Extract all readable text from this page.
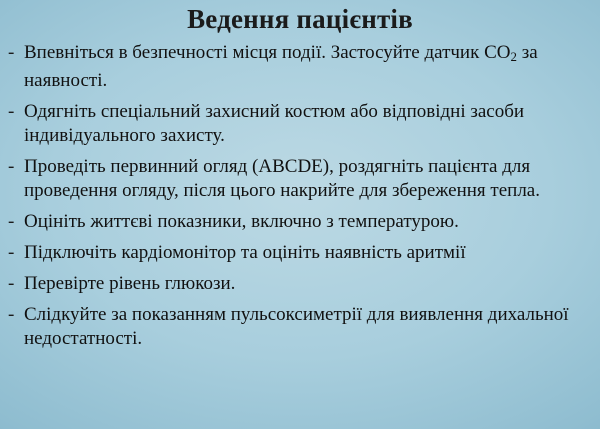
Ведення пацієнтів
- Впевніться в безпечності місця події. Застосуйте датчик $CO_2$ за наявності.
- Одягніть спеціальний захисний костюм або відповідні засоби індивідуального захисту.
- Проведіть первинний огляд (ABCDE), роздягніть пацієнта для проведення огляду, після цього накрийте для збереження тепла.
- Оцініть життєві показники, включно з температурою.
- Підключіть кардіомонітор та оцініть наявність аритмії
- Перевірте рівень глюкози.
- Слідкуйте за показанням пульсоксиметрії для виявлення дихальної недостатності.
